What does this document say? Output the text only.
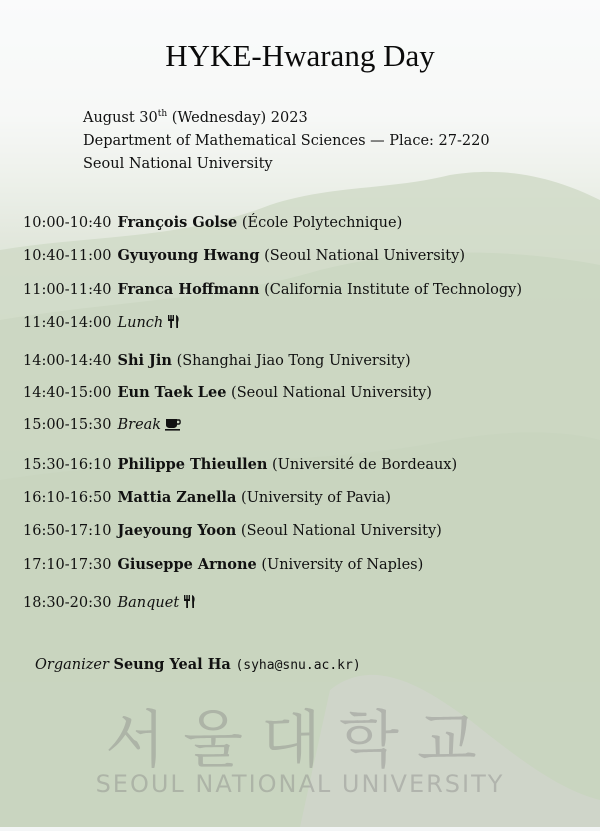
서울대학교
SEOUL NATIONAL UNIVERSITY
HYKE-Hwarang Day
August 30th (Wednesday) 2023
Department of Mathematical Sciences — Place: 27-220
Seoul National University
10:00-10:40 François Golse (École Polytechnique)
10:40-11:00 Gyuyoung Hwang (Seoul National University)
11:00-11:40 Franca Hoffmann (California Institute of Technology)
11:40-14:00 Lunch
14:00-14:40 Shi Jin (Shanghai Jiao Tong University)
14:40-15:00 Eun Taek Lee (Seoul National University)
15:00-15:30 Break
15:30-16:10 Philippe Thieullen (Université de Bordeaux)
16:10-16:50 Mattia Zanella (University of Pavia)
16:50-17:10 Jaeyoung Yoon (Seoul National University)
17:10-17:30 Giuseppe Arnone (University of Naples)
18:30-20:30 Banquet
Organizer Seung Yeal Ha (syha@snu.ac.kr)
